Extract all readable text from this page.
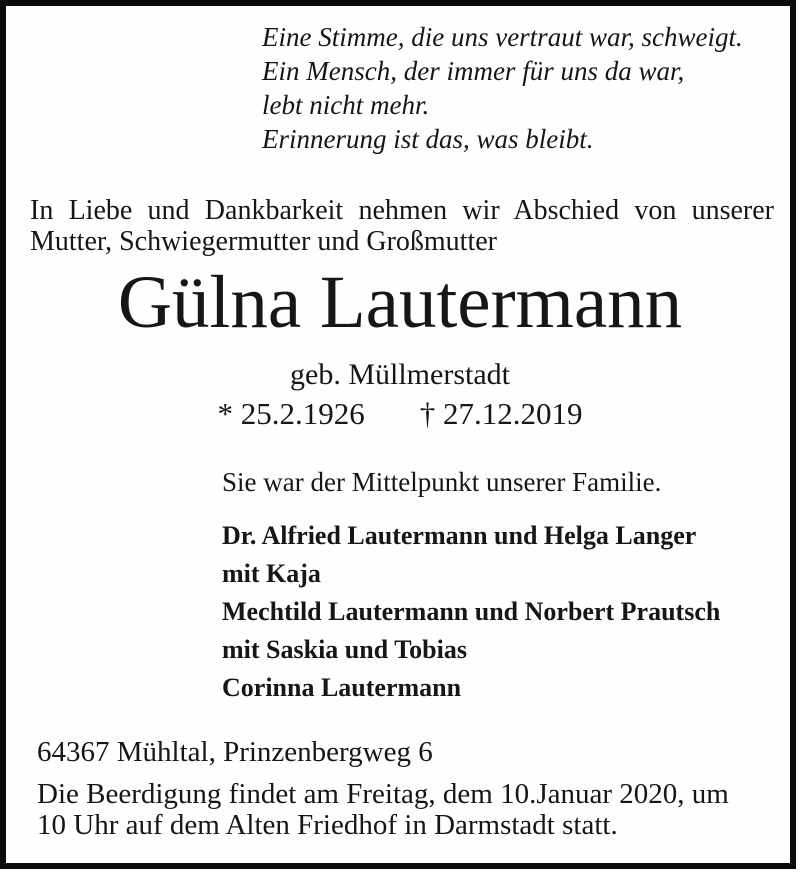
Eine Stimme, die uns vertraut war, schweigt.
Ein Mensch, der immer für uns da war,
lebt nicht mehr.
Erinnerung ist das, was bleibt.

In Liebe und Dankbarkeit nehmen wir Abschied von unserer Mutter, Schwiegermutter und Großmutter

Gülna Lautermann
geb. Müllmerstadt
* 25.2.1926 † 27.12.2019
Sie war der Mittelpunkt unserer Familie.
Dr. Alfried Lautermann und Helga Langer
mit Kaja
Mechtild Lautermann und Norbert Prautsch
mit Saskia und Tobias
Corinna Lautermann
64367 Mühltal, Prinzenbergweg 6
Die Beerdigung findet am Freitag, dem 10.Januar 2020, um 10 Uhr auf dem Alten Friedhof in Darmstadt statt.
